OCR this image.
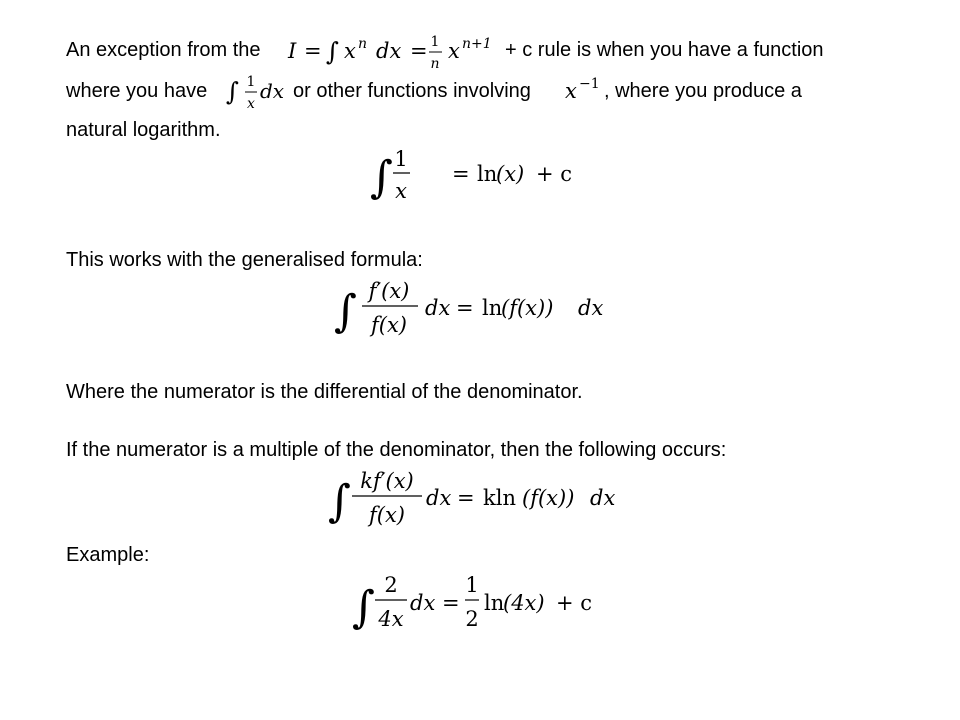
An exception from the I = ∫ x n dx = 1
n
x n+1 + c rule is when you have a function
where you have ∫ 1
x
dx or other functions involving x −1 , where you produce a
natural logarithm.
∫ 1
x
= ln
(x) + c
This works with the generalised formula:
∫ f′(x)
f(x)
dx = ln
(f(x)) dx
Where the numerator is the differential of the denominator.
If the numerator is a multiple of the denominator, then the following occurs:
∫ kf′(x)
f(x)
dx = kln (f(x)) dx
Example:
∫ 2
4x
dx =
1
2
ln
(4x) + c
